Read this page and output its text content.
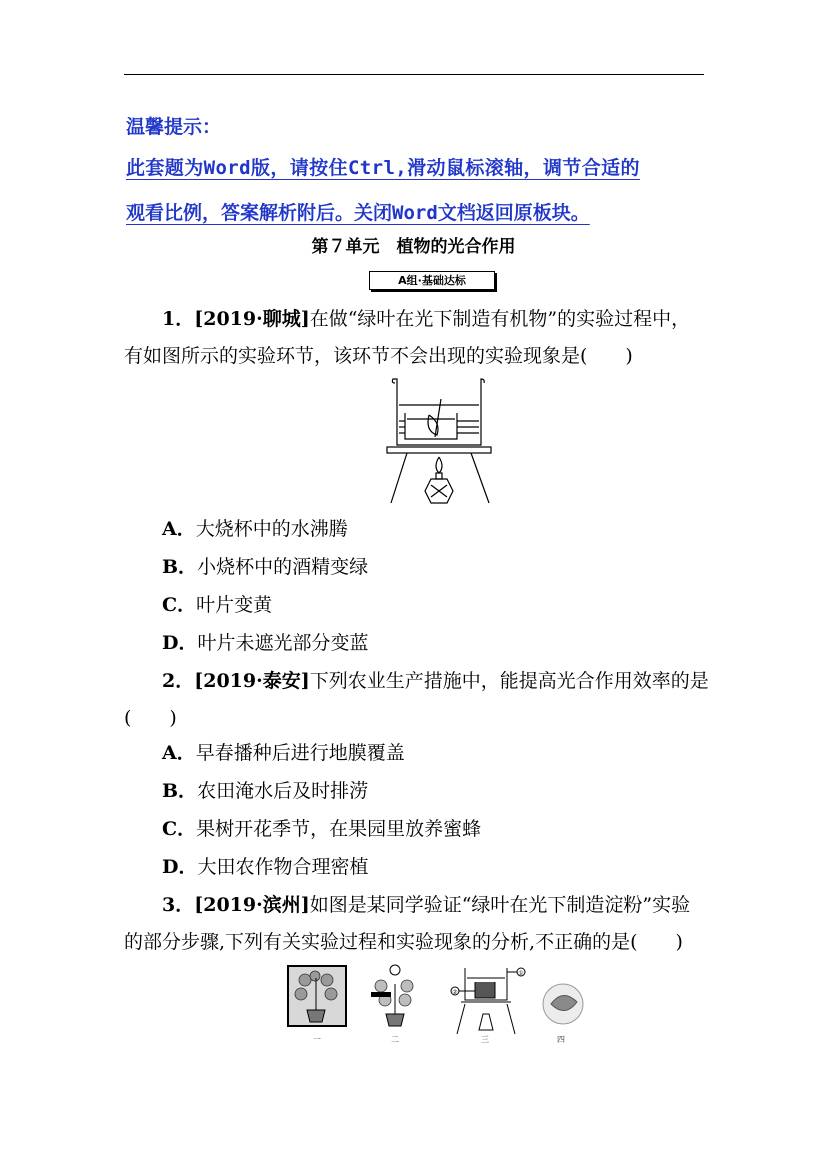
温馨提示：
此套题为Word版，请按住Ctrl,滑动鼠标滚轴，调节合适的
观看比例，答案解析附后。关闭Word文档返回原板块。
第７单元　植物的光合作用
A组·基础达标
1．[2019·聊城]在做“绿叶在光下制造有机物”的实验过程中，
有如图所示的实验环节，该环节不会出现的实验现象是(　　)
A．大烧杯中的水沸腾
B．小烧杯中的酒精变绿
C．叶片变黄
D．叶片未遮光部分变蓝
2．[2019·泰安]下列农业生产措施中，能提高光合作用效率的是
(　　)
A．早春播种后进行地膜覆盖
B．农田淹水后及时排涝
C．果树开花季节，在果园里放养蜜蜂
D．大田农作物合理密植
3．[2019·滨州]如图是某同学验证“绿叶在光下制造淀粉”实验
的部分步骤,下列有关实验过程和实验现象的分析,不正确的是(　　)
①
②
一	二	三	四
